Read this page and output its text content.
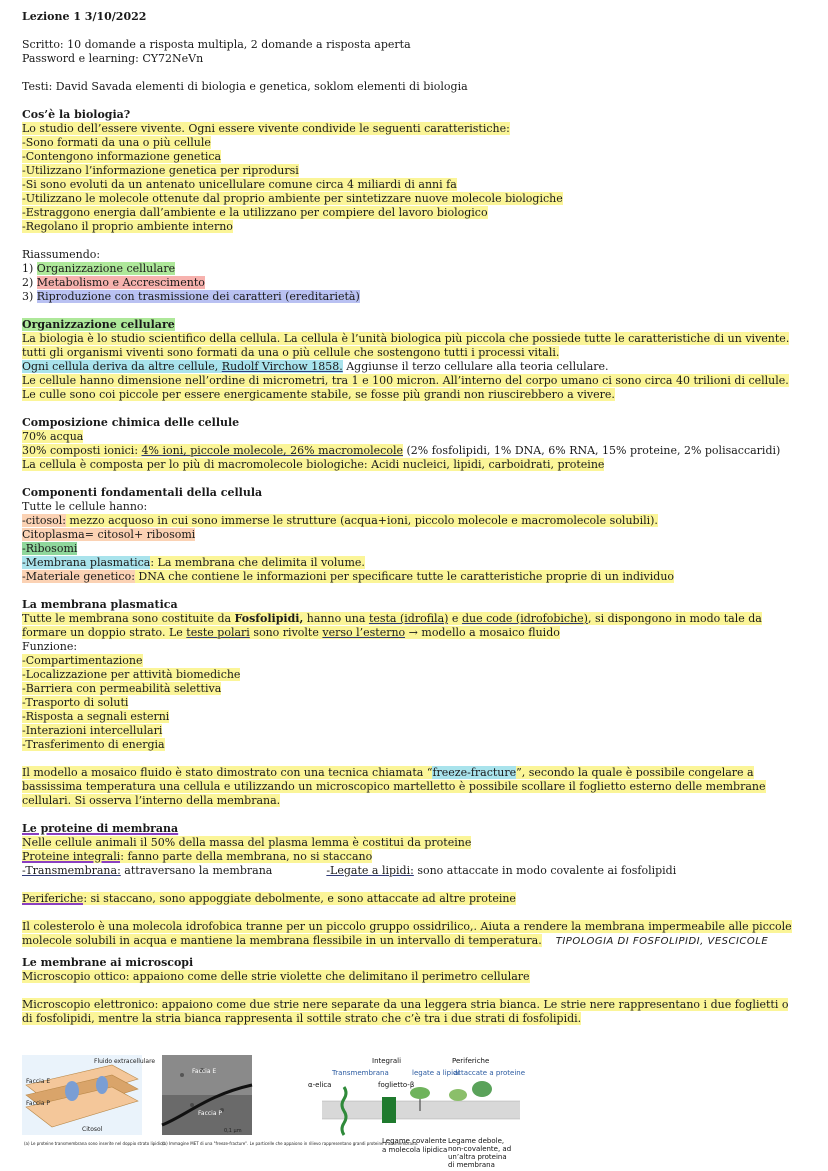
Lezione 1 3/10/2022
Scritto: 10 domande a risposta multipla, 2 domande a risposta aperta
Password e learning: CY72NeVn
Testi: David Savada elementi di biologia e genetica, soklom elementi di biologia
Cos’è la biologia?
Lo studio dell’essere vivente. Ogni essere vivente condivide le seguenti caratteristiche:
-Sono formati da una o più cellule
-Contengono informazione genetica
-Utilizzano l’informazione genetica per riprodursi
-Si sono evoluti da un antenato unicellulare comune circa 4 miliardi di anni fa
-Utilizzano le molecole ottenute dal proprio ambiente per sintetizzare nuove molecole biologiche
-Estraggono energia dall’ambiente e la utilizzano per compiere del lavoro biologico
-Regolano il proprio ambiente interno
Riassumendo:
1) Organizzazione cellulare
2) Metabolismo e Accrescimento
3) Riproduzione con trasmissione dei caratteri (ereditarietà)
Organizzazione cellulare
La biologia è lo studio scientifico della cellula. La cellula è l’unità biologica più piccola che possiede tutte le caratteristiche di un vivente.
tutti gli organismi viventi sono formati da una o più cellule che sostengono tutti i processi vitali.
Ogni cellula deriva da altre cellule, Rudolf Virchow 1858. Aggiunse il terzo cellulare alla teoria cellulare.
Le cellule hanno dimensione nell’ordine di micrometri, tra 1 e 100 micron. All’interno del corpo umano ci sono circa 40 trilioni di cellule.
Le culle sono coi piccole per essere energicamente stabile, se fosse più grandi non riuscirebbero a vivere.
Composizione chimica delle cellule
70% acqua
30% composti ionici: 4% ioni, piccole molecole, 26% macromolecole (2% fosfolipidi, 1% DNA, 6% RNA, 15% proteine, 2% polisaccaridi)
La cellula è composta per lo più di macromolecole biologiche: Acidi nucleici, lipidi, carboidrati, proteine
Componenti fondamentali della cellula
Tutte le cellule hanno:
-citosol: mezzo acquoso in cui sono immerse le strutture (acqua+ioni, piccolo molecole e macromolecole solubili).
Citoplasma= citosol+ ribosomi
-Ribosomi
-Membrana plasmatica: La membrana che delimita il volume.
-Materiale genetico: DNA che contiene le informazioni per specificare tutte le caratteristiche proprie di un individuo
La membrana plasmatica
Tutte le membrana sono costituite da Fosfolipidi, hanno una testa (idrofila) e due code (idrofobiche), si dispongono in modo tale da
formare un doppio strato. Le teste polari sono rivolte verso l’esterno → modello a mosaico fluido
Funzione:
-Compartimentazione
-Localizzazione per attività biomediche
-Barriera con permeabilità selettiva
-Trasporto di soluti
-Risposta a segnali esterni
-Interazioni intercellulari
-Trasferimento di energia
Il modello a mosaico fluido è stato dimostrato con una tecnica chiamata “freeze-fracture”, secondo la quale è possibile congelare a
bassissima temperatura una cellula e utilizzando un microscopico martelletto è possibile scollare il foglietto esterno delle membrane
cellulari. Si osserva l’interno della membrana.
Le proteine di membrana
Nelle cellule animali il 50% della massa del plasma lemma è costitui da proteine
Proteine integrali: fanno parte della membrana, no si staccano
-Transmembrana: attraversano la membrana	-Legate a lipidi: sono attaccate in modo covalente ai fosfolipidi
Periferiche: si staccano, sono appoggiate debolmente, e sono attaccate ad altre proteine
Il colesterolo è una molecola idrofobica tranne per un piccolo gruppo ossidrilico,. Aiuta a rendere la membrana impermeabile alle piccole
molecole solubili in acqua e mantiene la membrana flessibile in un intervallo di temperatura. TIPOLOGIA DI FOSFOLIPIDI, VESCICOLE
Le membrane ai microscopi
Microscopio ottico: appaiono come delle strie violette che delimitano il perimetro cellulare
Microscopio elettronico: appaiono come due strie nere separate da una leggera stria bianca. Le strie nere rappresentano i due foglietti o
di fosfolipidi, mentre la stria bianca rappresenta il sottile strato che c’è tra i due strati di fosfolipidi.
Fluido extracellulare
Faccia E
Faccia P
Citosol
(a) Le proteine transmembrana sono inserite nel doppio strato lipidico.
Faccia E
Faccia P
0,1 μm
(b) Immagine MET di una "freeze-fracture". Le particelle che appaiono in rilievo rappresentano grandi proteine transmembrana.
Integrali	Periferiche
Transmembrana	legate a lipidi
attaccate a proteine
α-elica	foglietto-β
Legame covalente
a molecola lipidica
Legame debole,
non-covalente, ad
un’altra proteina
di membrana
